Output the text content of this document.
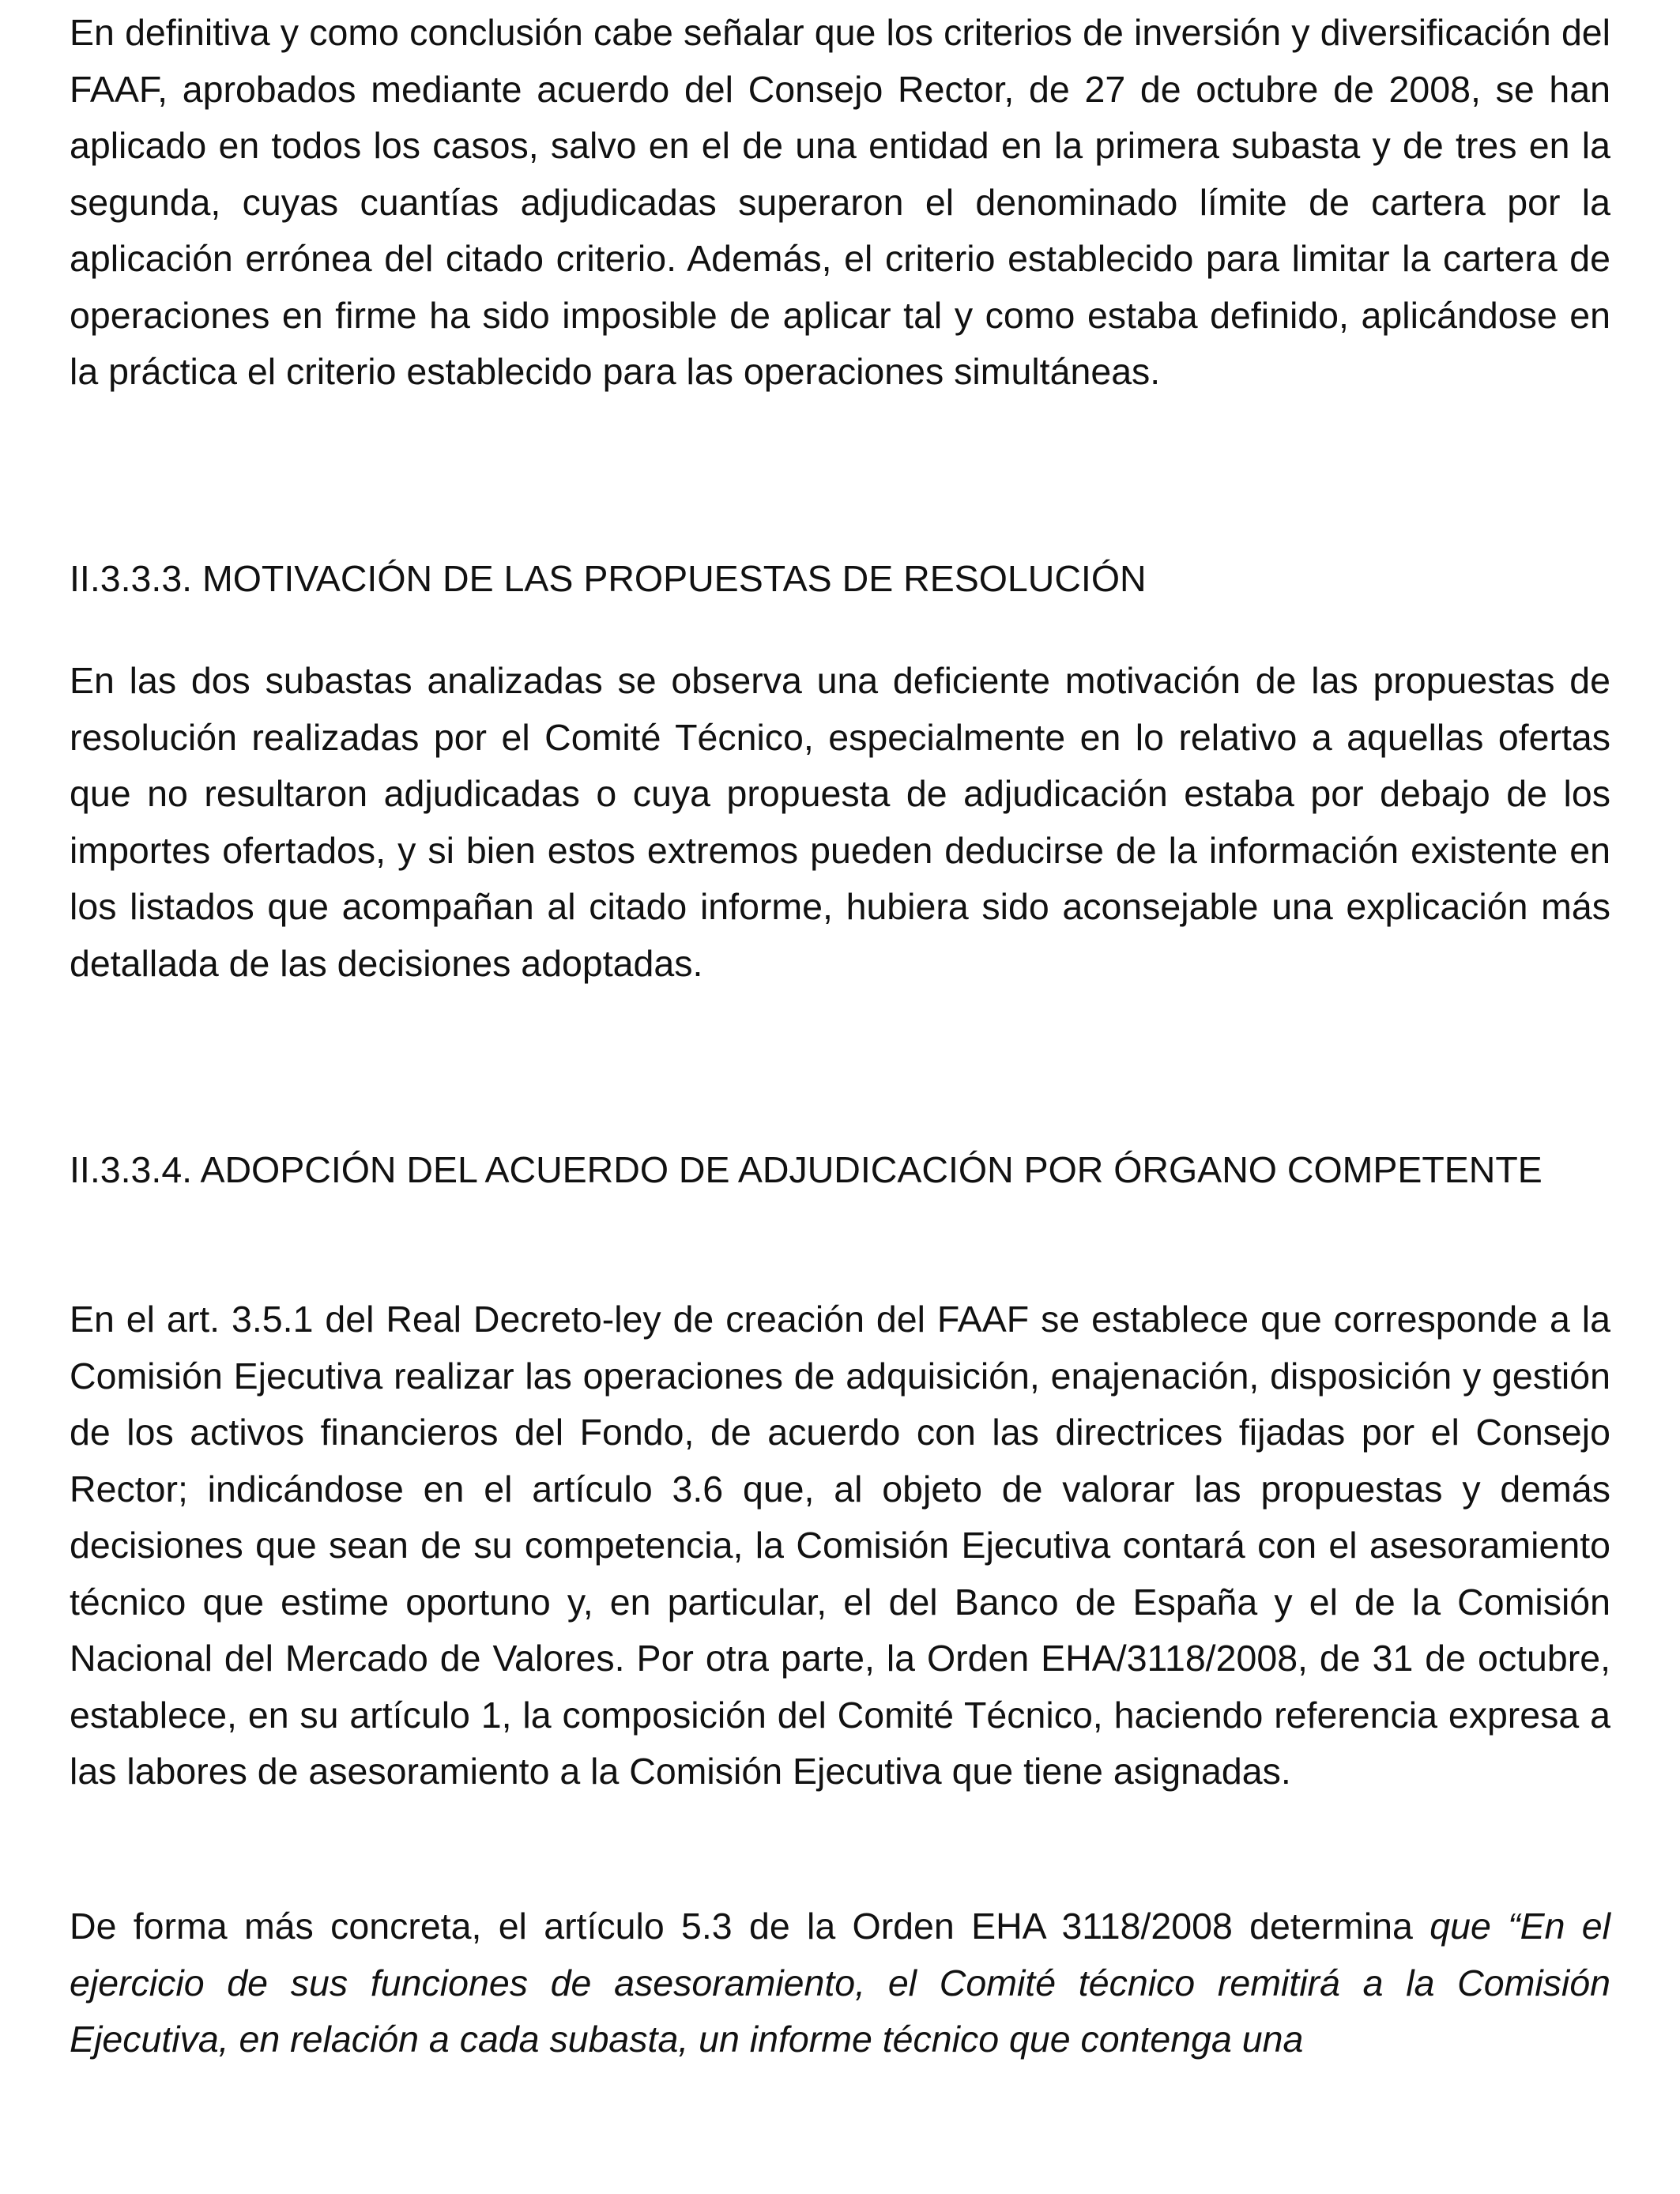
En definitiva y como conclusión cabe señalar que los criterios de inversión y diversificación del FAAF, aprobados mediante acuerdo del Consejo Rector, de 27 de octubre de 2008, se han aplicado en todos los casos, salvo en el de una entidad en la primera subasta y de tres en la segunda, cuyas cuantías adjudicadas superaron el denominado límite de cartera por la aplicación errónea del citado criterio. Además, el criterio establecido para limitar la cartera de operaciones en firme ha sido imposible de aplicar tal y como estaba definido, aplicándose en la práctica el criterio establecido para las operaciones simultáneas.

II.3.3.3. MOTIVACIÓN DE LAS PROPUESTAS DE RESOLUCIÓN

En las dos subastas analizadas se observa una deficiente motivación de las propuestas de resolución realizadas por el Comité Técnico, especialmente en lo relativo a aquellas ofertas que no resultaron adjudicadas o cuya propuesta de adjudicación estaba por debajo de los importes ofertados, y si bien estos extremos pueden deducirse de la información existente en los listados que acompañan al citado informe, hubiera sido aconsejable una explicación más detallada de las decisiones adoptadas.

II.3.3.4. ADOPCIÓN DEL ACUERDO DE ADJUDICACIÓN POR ÓRGANO COMPETENTE

En el art. 3.5.1 del Real Decreto-ley de creación del FAAF se establece que corresponde a la Comisión Ejecutiva realizar las operaciones de adquisición, enajenación, disposición y gestión de los activos financieros del Fondo, de acuerdo con las directrices fijadas por el Consejo Rector; indicándose en el artículo 3.6 que, al objeto de valorar las propuestas y demás decisiones que sean de su competencia, la Comisión Ejecutiva contará con el asesoramiento técnico que estime oportuno y, en particular, el del Banco de España y el de la Comisión Nacional del Mercado de Valores. Por otra parte, la Orden EHA/3118/2008, de 31 de octubre, establece, en su artículo 1, la composición del Comité Técnico, haciendo referencia expresa a las labores de asesoramiento a la Comisión Ejecutiva que tiene asignadas.

De forma más concreta, el artículo 5.3 de la Orden EHA 3118/2008 determina que “En el ejercicio de sus funciones de asesoramiento, el Comité técnico remitirá a la Comisión Ejecutiva, en relación a cada subasta, un informe técnico que contenga una
